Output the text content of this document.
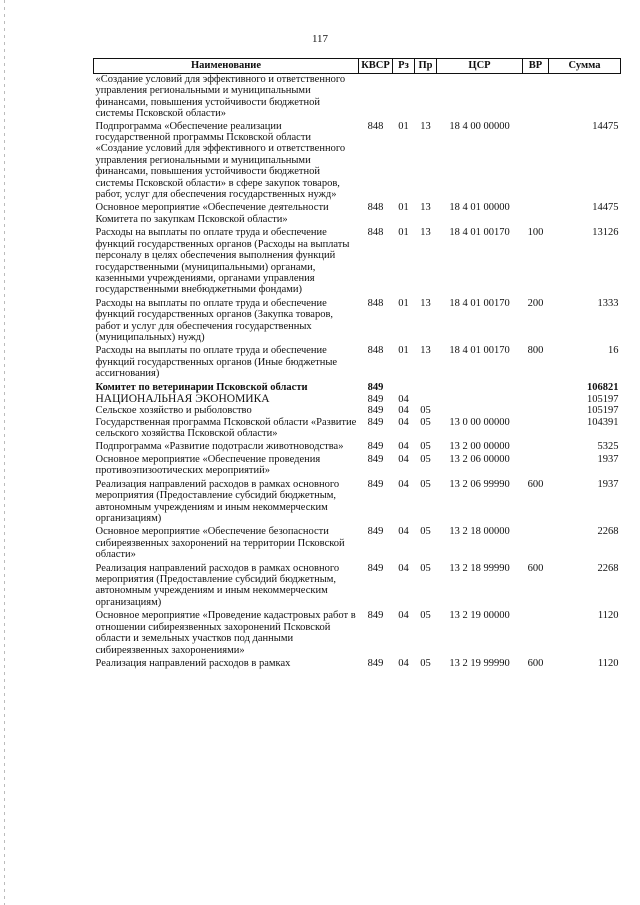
117
Наименование	КВСР	Рз	Пр	ЦСР	ВР	Сумма
«Создание условий для эффективного и ответственного управления региональными и муниципальными финансами, повышения устойчивости бюджетной системы Псковской области»						
Подпрограмма «Обеспечение реализации государственной программы Псковской области «Создание условий для эффективного и ответственного управления региональными и муниципальными финансами, повышения устойчивости бюджетной системы Псковской области» в сфере закупок товаров, работ, услуг для обеспечения государственных нужд»	848	01	13	18 4 00 00000		14475
Основное мероприятие «Обеспечение деятельности Комитета по закупкам Псковской области»	848	01	13	18 4 01 00000		14475
Расходы на выплаты по оплате труда и обеспечение функций государственных органов (Расходы на выплаты персоналу в целях обеспечения выполнения функций государственными (муниципальными) органами, казенными учреждениями, органами управления государственными внебюджетными фондами)	848	01	13	18 4 01 00170	100	13126
Расходы на выплаты по оплате труда и обеспечение функций государственных органов (Закупка товаров, работ и услуг для обеспечения государственных (муниципальных) нужд)	848	01	13	18 4 01 00170	200	1333
Расходы на выплаты по оплате труда и обеспечение функций государственных органов (Иные бюджетные ассигнования)	848	01	13	18 4 01 00170	800	16
Комитет по ветеринарии Псковской области	849					106821
НАЦИОНАЛЬНАЯ ЭКОНОМИКА	849	04				105197
Сельское хозяйство и рыболовство	849	04	05			105197
Государственная программа Псковской области «Развитие сельского хозяйства Псковской области»	849	04	05	13 0 00 00000		104391
Подпрограмма «Развитие подотрасли животноводства»	849	04	05	13 2 00 00000		5325
Основное мероприятие «Обеспечение проведения противоэпизоотических мероприятий»	849	04	05	13 2 06 00000		1937
Реализация направлений расходов в рамках основного мероприятия (Предоставление субсидий бюджетным, автономным учреждениям и иным некоммерческим организациям)	849	04	05	13 2 06 99990	600	1937
Основное мероприятие «Обеспечение безопасности сибиреязвенных захоронений на территории Псковской области»	849	04	05	13 2 18 00000		2268
Реализация направлений расходов в рамках основного мероприятия (Предоставление субсидий бюджетным, автономным учреждениям и иным некоммерческим организациям)	849	04	05	13 2 18 99990	600	2268
Основное мероприятие «Проведение кадастровых работ в отношении сибиреязвенных захоронений Псковской области и земельных участков под данными сибиреязвенных захоронениями»	849	04	05	13 2 19 00000		1120
Реализация направлений расходов в рамках	849	04	05	13 2 19 99990	600	1120
